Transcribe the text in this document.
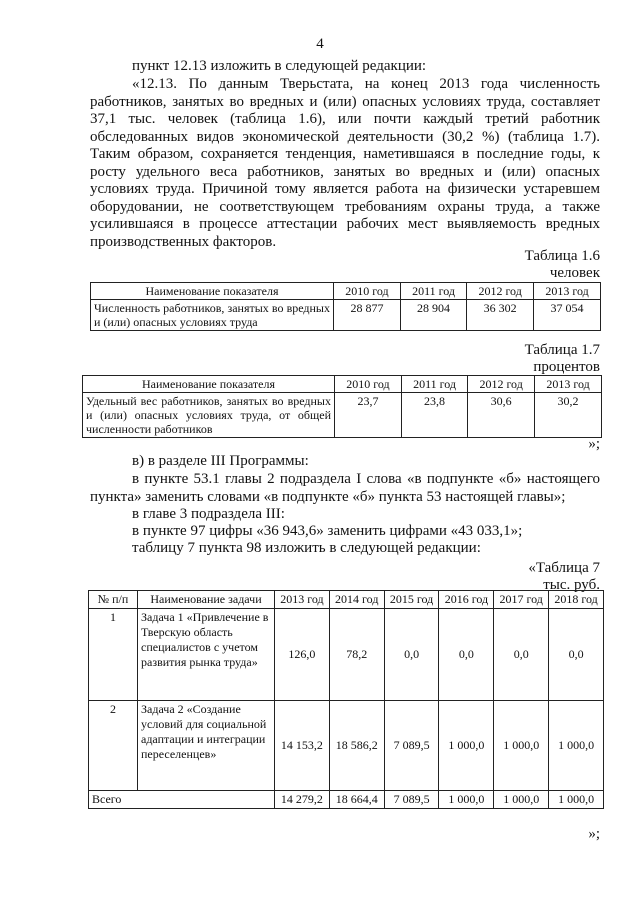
4
пункт 12.13 изложить в следующей редакции:
«12.13. По данным Тверьстата, на конец 2013 года численность работников, занятых во вредных и (или) опасных условиях труда, составляет 37,1 тыс. человек (таблица 1.6), или почти каждый третий работник обследованных видов экономической деятельности (30,2 %) (таблица 1.7). Таким образом, сохраняется тенденция, наметившаяся в последние годы, к росту удельного веса работников, занятых во вредных и (или) опасных условиях труда. Причиной тому является работа на физически устаревшем оборудовании, не соответствующем требованиям охраны труда, а также усилившаяся в процессе аттестации рабочих мест выявляемость вредных производственных факторов.
Таблица 1.6
человек
Наименование показателя	2010 год	2011 год	2012 год	2013 год
Численность работников, занятых во вредных и (или) опасных условиях труда	28 877	28 904	36 302	37 054
Таблица 1.7
процентов
Наименование показателя	2010 год	2011 год	2012 год	2013 год
Удельный вес работников, занятых во вредных и (или) опасных условиях труда, от общей численности работников	23,7	23,8	30,6	30,2
»;
в) в разделе III Программы:
в пункте 53.1 главы 2 подраздела I слова «в подпункте «б» настоящего пункта» заменить словами «в подпункте «б» пункта 53 настоящей главы»;
в главе 3 подраздела III:
в пункте 97 цифры «36 943,6» заменить цифрами «43 033,1»;
таблицу 7 пункта 98 изложить в следующей редакции:
«Таблица 7
тыс. руб.
№ п/п	Наименование задачи	2013 год	2014 год	2015 год	2016 год	2017 год	2018 год
1	Задача 1 «Привлечение в Тверскую область специалистов с учетом развития рынка труда»	126,0	78,2	0,0	0,0	0,0	0,0
2	Задача 2 «Создание условий для социальной адаптации и интеграции переселенцев»	14 153,2	18 586,2	7 089,5	1 000,0	1 000,0	1 000,0
Всего		14 279,2	18 664,4	7 089,5	1 000,0	1 000,0	1 000,0
»;
